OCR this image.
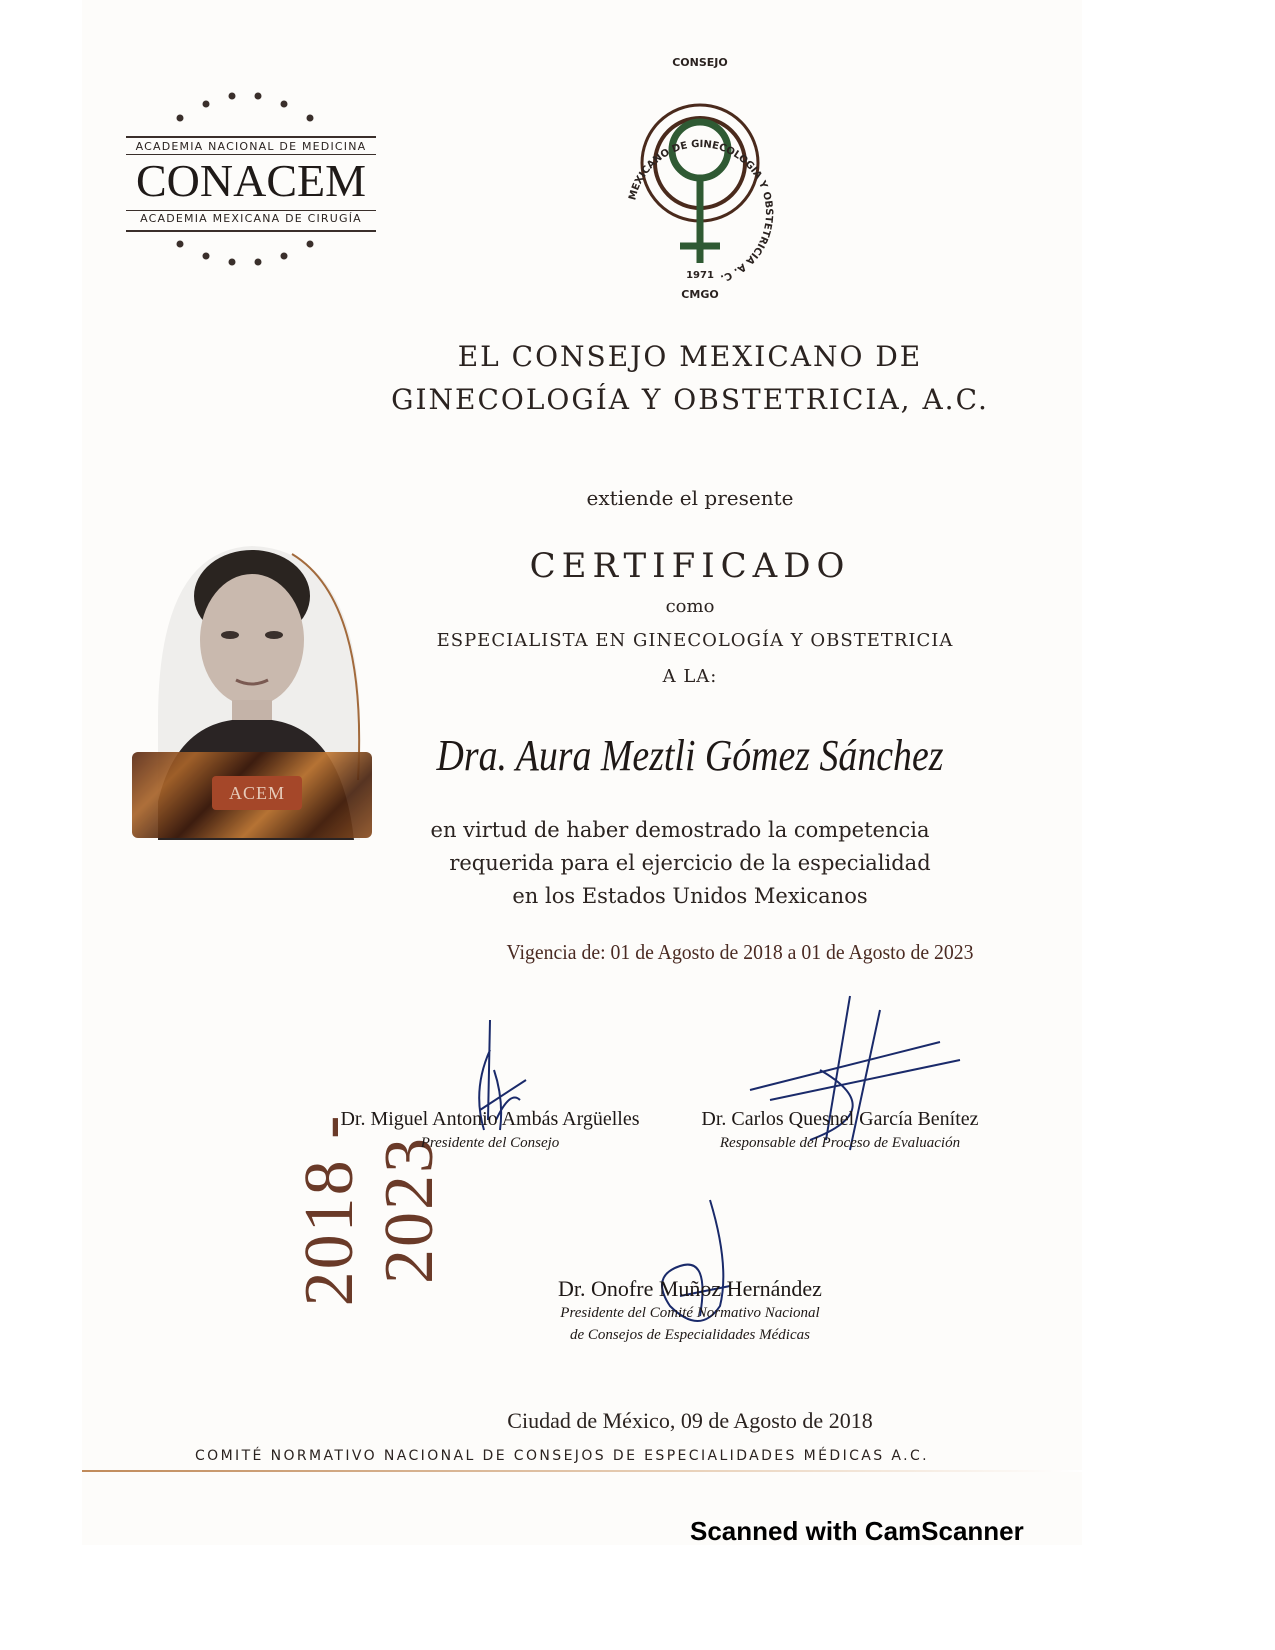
ACADEMIA NACIONAL DE MEDICINA
CONACEM
ACADEMIA MEXICANA DE CIRUGÍA
CONSEJO
MEXICANO DE GINECOLOGIA Y OBSTETRICIA A. C.
1971
CMGO
EL CONSEJO MEXICANO DE
GINECOLOGÍA Y OBSTETRICIA, A.C.
extiende el presente
CERTIFICADO
como
ESPECIALISTA EN GINECOLOGÍA Y OBSTETRICIA
A LA:
ACEM
Dra. Aura Meztli Gómez Sánchez
en virtud de haber demostrado la competencia
requerida para el ejercicio de la especialidad
en los Estados Unidos Mexicanos
Vigencia de: 01 de Agosto de 2018 a 01 de Agosto de 2023
2018 - 2023
Dr. Miguel Antonio Ambás Argüelles
Presidente del Consejo
Dr. Carlos Quesnel García Benítez
Responsable del Proceso de Evaluación
Dr. Onofre Muñoz Hernández
Presidente del Comité Normativo Nacional
de Consejos de Especialidades Médicas
Ciudad de México, 09 de Agosto de 2018
COMITÉ NORMATIVO NACIONAL DE CONSEJOS DE ESPECIALIDADES MÉDICAS A.C.
Scanned with CamScanner
